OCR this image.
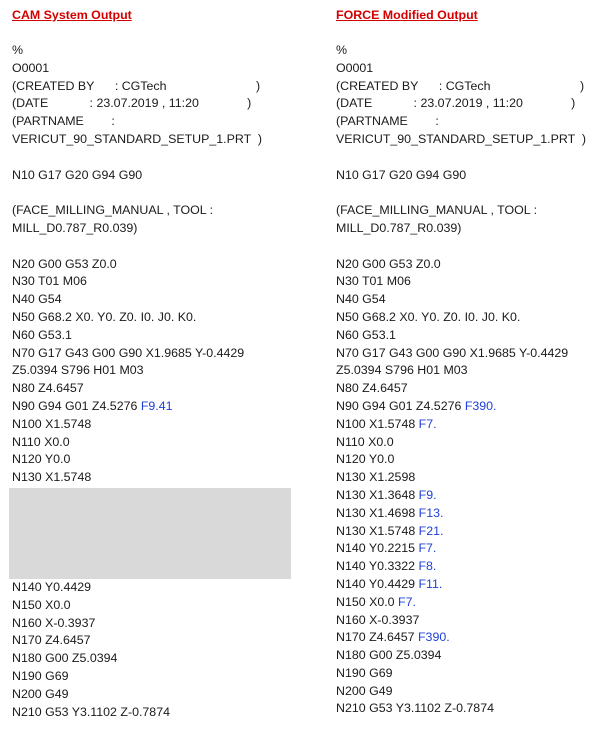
CAM System Output
%
O0001
(CREATED BY      : CGTech                          )
(DATE            : 23.07.2019 , 11:20              )
(PARTNAME        :
VERICUT_90_STANDARD_SETUP_1.PRT  )
N10 G17 G20 G94 G90
(FACE_MILLING_MANUAL , TOOL :
MILL_D0.787_R0.039)
N20 G00 G53 Z0.0
N30 T01 M06
N40 G54
N50 G68.2 X0. Y0. Z0. I0. J0. K0.
N60 G53.1
N70 G17 G43 G00 G90 X1.9685 Y-0.4429
Z5.0394 S796 H01 M03
N80 Z4.6457
N90 G94 G01 Z4.5276 F9.41
N100 X1.5748
N110 X0.0
N120 Y0.0
N130 X1.5748
N140 Y0.4429
N150 X0.0
N160 X-0.3937
N170 Z4.6457
N180 G00 Z5.0394
N190 G69
N200 G49
N210 G53 Y3.1102 Z-0.7874
FORCE Modified Output
%
O0001
(CREATED BY      : CGTech                          )
(DATE            : 23.07.2019 , 11:20              )
(PARTNAME        :
VERICUT_90_STANDARD_SETUP_1.PRT  )
N10 G17 G20 G94 G90
(FACE_MILLING_MANUAL , TOOL :
MILL_D0.787_R0.039)
N20 G00 G53 Z0.0
N30 T01 M06
N40 G54
N50 G68.2 X0. Y0. Z0. I0. J0. K0.
N60 G53.1
N70 G17 G43 G00 G90 X1.9685 Y-0.4429
Z5.0394 S796 H01 M03
N80 Z4.6457
N90 G94 G01 Z4.5276 F390.
N100 X1.5748 F7.
N110 X0.0
N120 Y0.0
N130 X1.2598
N130 X1.3648 F9.
N130 X1.4698 F13.
N130 X1.5748 F21.
N140 Y0.2215 F7.
N140 Y0.3322 F8.
N140 Y0.4429 F11.
N150 X0.0 F7.
N160 X-0.3937
N170 Z4.6457 F390.
N180 G00 Z5.0394
N190 G69
N200 G49
N210 G53 Y3.1102 Z-0.7874
